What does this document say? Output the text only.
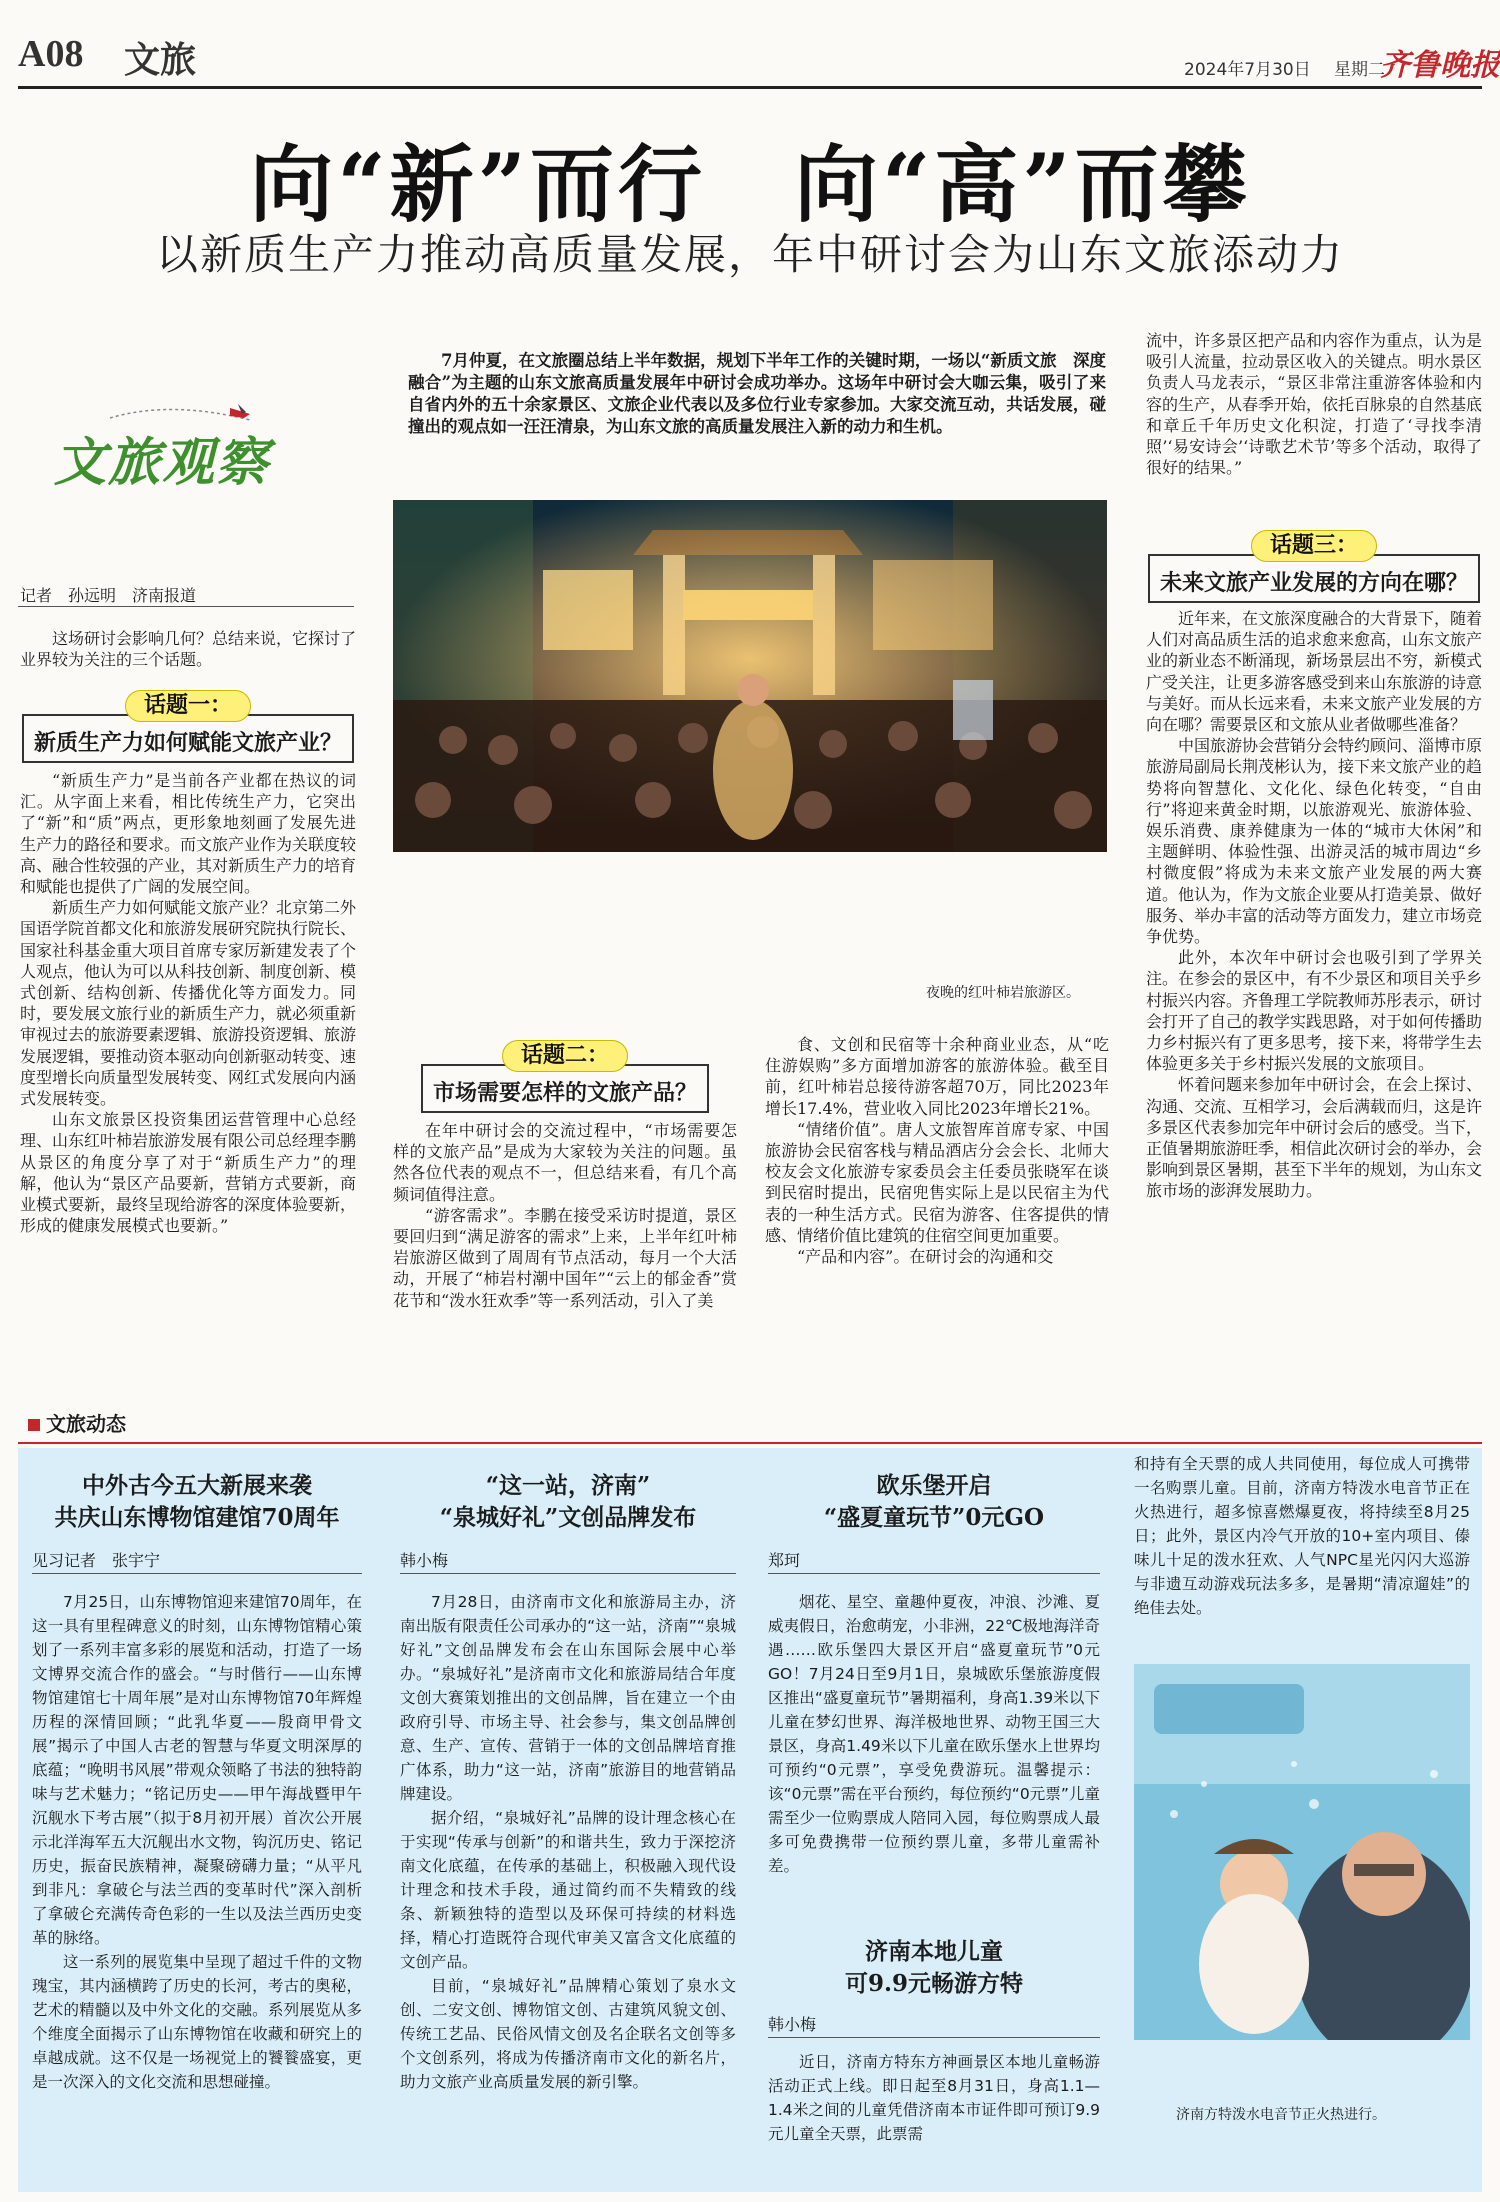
A08 文旅	2024年7月30日 星期二
齐鲁晚报
向“新”而行　向“高”而攀
以新质生产力推动高质量发展，年中研讨会为山东文旅添动力
文旅观察
7月仲夏，在文旅圈总结上半年数据，规划下半年工作的关键时期，一场以“新质文旅　深度融合”为主题的山东文旅高质量发展年中研讨会成功举办。这场年中研讨会大咖云集，吸引了来自省内外的五十余家景区、文旅企业代表以及多位行业专家参加。大家交流互动，共话发展，碰撞出的观点如一汪汪清泉，为山东文旅的高质量发展注入新的动力和生机。
记者　孙远明　济南报道
这场研讨会影响几何？总结来说，它探讨了业界较为关注的三个话题。
话题一：
新质生产力如何赋能文旅产业？

“新质生产力”是当前各产业都在热议的词汇。从字面上来看，相比传统生产力，它突出了“新”和“质”两点，更形象地刻画了发展先进生产力的路径和要求。而文旅产业作为关联度较高、融合性较强的产业，其对新质生产力的培育和赋能也提供了广阔的发展空间。

新质生产力如何赋能文旅产业？北京第二外国语学院首都文化和旅游发展研究院执行院长、国家社科基金重大项目首席专家厉新建发表了个人观点，他认为可以从科技创新、制度创新、模式创新、结构创新、传播优化等方面发力。同时，要发展文旅行业的新质生产力，就必须重新审视过去的旅游要素逻辑、旅游投资逻辑、旅游发展逻辑，要推动资本驱动向创新驱动转变、速度型增长向质量型发展转变、网红式发展向内涵式发展转变。

山东文旅景区投资集团运营管理中心总经理、山东红叶柿岩旅游发展有限公司总经理李鹏从景区的角度分享了对于“新质生产力”的理解，他认为“景区产品要新，营销方式要新，商业模式要新，最终呈现给游客的深度体验要新，形成的健康发展模式也要新。”

夜晚的红叶柿岩旅游区。
话题二：
市场需要怎样的文旅产品？

在年中研讨会的交流过程中，“市场需要怎样的文旅产品”是成为大家较为关注的问题。虽然各位代表的观点不一，但总结来看，有几个高频词值得注意。

“游客需求”。李鹏在接受采访时提道，景区要回归到“满足游客的需求”上来，上半年红叶柿岩旅游区做到了周周有节点活动，每月一个大活动，开展了“柿岩村潮中国年”“云上的郁金香”赏花节和“泼水狂欢季”等一系列活动，引入了美

食、文创和民宿等十余种商业业态，从“吃住游娱购”多方面增加游客的旅游体验。截至目前，红叶柿岩总接待游客超70万，同比2023年增长17.4%，营业收入同比2023年增长21%。

“情绪价值”。唐人文旅智库首席专家、中国旅游协会民宿客栈与精品酒店分会会长、北师大校友会文化旅游专家委员会主任委员张晓军在谈到民宿时提出，民宿兜售实际上是以民宿主为代表的一种生活方式。民宿为游客、住客提供的情感、情绪价值比建筑的住宿空间更加重要。

“产品和内容”。在研讨会的沟通和交

流中，许多景区把产品和内容作为重点，认为是吸引人流量，拉动景区收入的关键点。明水景区负责人马龙表示，“景区非常注重游客体验和内容的生产，从春季开始，依托百脉泉的自然基底和章丘千年历史文化积淀，打造了‘寻找李清照’‘易安诗会’‘诗歌艺术节’等多个活动，取得了很好的结果。”

话题三：
未来文旅产业发展的方向在哪？

近年来，在文旅深度融合的大背景下，随着人们对高品质生活的追求愈来愈高，山东文旅产业的新业态不断涌现，新场景层出不穷，新模式广受关注，让更多游客感受到来山东旅游的诗意与美好。而从长远来看，未来文旅产业发展的方向在哪？需要景区和文旅从业者做哪些准备？

中国旅游协会营销分会特约顾问、淄博市原旅游局副局长荆茂彬认为，接下来文旅产业的趋势将向智慧化、文化化、绿色化转变，“自由行”将迎来黄金时期，以旅游观光、旅游体验、娱乐消费、康养健康为一体的“城市大休闲”和主题鲜明、体验性强、出游灵活的城市周边“乡村微度假”将成为未来文旅产业发展的两大赛道。他认为，作为文旅企业要从打造美景、做好服务、举办丰富的活动等方面发力，建立市场竞争优势。

此外，本次年中研讨会也吸引到了学界关注。在参会的景区中，有不少景区和项目关乎乡村振兴内容。齐鲁理工学院教师苏彤表示，研讨会打开了自己的教学实践思路，对于如何传播助力乡村振兴有了更多思考，接下来，将带学生去体验更多关于乡村振兴发展的文旅项目。

怀着问题来参加年中研讨会，在会上探讨、沟通、交流、互相学习，会后满载而归，这是许多景区代表参加完年中研讨会后的感受。当下，正值暑期旅游旺季，相信此次研讨会的举办，会影响到景区暑期，甚至下半年的规划，为山东文旅市场的澎湃发展助力。

文旅动态
中外古今五大新展来袭
共庆山东博物馆建馆70周年
见习记者　张宇宁

7月25日，山东博物馆迎来建馆70周年，在这一具有里程碑意义的时刻，山东博物馆精心策划了一系列丰富多彩的展览和活动，打造了一场文博界交流合作的盛会。“与时偕行——山东博物馆建馆七十周年展”是对山东博物馆70年辉煌历程的深情回顾；“此乳华夏——殷商甲骨文展”揭示了中国人古老的智慧与华夏文明深厚的底蕴；“晚明书风展”带观众领略了书法的独特韵味与艺术魅力；“铭记历史——甲午海战暨甲午沉舰水下考古展”（拟于8月初开展）首次公开展示北洋海军五大沉舰出水文物，钩沉历史、铭记历史，振奋民族精神，凝聚磅礴力量；“从平凡到非凡：拿破仑与法兰西的变革时代”深入剖析了拿破仑充满传奇色彩的一生以及法兰西历史变革的脉络。

这一系列的展览集中呈现了超过千件的文物瑰宝，其内涵横跨了历史的长河，考古的奥秘，艺术的精髓以及中外文化的交融。系列展览从多个维度全面揭示了山东博物馆在收藏和研究上的卓越成就。这不仅是一场视觉上的饕餮盛宴，更是一次深入的文化交流和思想碰撞。

“这一站，济南”
“泉城好礼”文创品牌发布
韩小梅

7月28日，由济南市文化和旅游局主办，济南出版有限责任公司承办的“这一站，济南”“泉城好礼”文创品牌发布会在山东国际会展中心举办。“泉城好礼”是济南市文化和旅游局结合年度文创大赛策划推出的文创品牌，旨在建立一个由政府引导、市场主导、社会参与，集文创品牌创意、生产、宣传、营销于一体的文创品牌培育推广体系，助力“这一站，济南”旅游目的地营销品牌建设。

据介绍，“泉城好礼”品牌的设计理念核心在于实现“传承与创新”的和谐共生，致力于深挖济南文化底蕴，在传承的基础上，积极融入现代设计理念和技术手段，通过简约而不失精致的线条、新颖独特的造型以及环保可持续的材料选择，精心打造既符合现代审美又富含文化底蕴的文创产品。

目前，“泉城好礼”品牌精心策划了泉水文创、二安文创、博物馆文创、古建筑风貌文创、传统工艺品、民俗风情文创及名企联名文创等多个文创系列，将成为传播济南市文化的新名片，助力文旅产业高质量发展的新引擎。

欧乐堡开启
“盛夏童玩节”0元GO
郑珂

烟花、星空、童趣仲夏夜，冲浪、沙滩、夏威夷假日，治愈萌宠，小非洲，22℃极地海洋奇遇……欧乐堡四大景区开启“盛夏童玩节”0元GO！7月24日至9月1日，泉城欧乐堡旅游度假区推出“盛夏童玩节”暑期福利，身高1.39米以下儿童在梦幻世界、海洋极地世界、动物王国三大景区，身高1.49米以下儿童在欧乐堡水上世界均可预约“0元票”，享受免费游玩。温馨提示：该“0元票”需在平台预约，每位预约“0元票”儿童需至少一位购票成人陪同入园，每位购票成人最多可免费携带一位预约票儿童，多带儿童需补差。

济南本地儿童
可9.9元畅游方特
韩小梅

近日，济南方特东方神画景区本地儿童畅游活动正式上线。即日起至8月31日，身高1.1—1.4米之间的儿童凭借济南本市证件即可预订9.9元儿童全天票，此票需

和持有全天票的成人共同使用，每位成人可携带一名购票儿童。目前，济南方特泼水电音节正在火热进行，超多惊喜燃爆夏夜，将持续至8月25日；此外，景区内冷气开放的10+室内项目、傣味儿十足的泼水狂欢、人气NPC星光闪闪大巡游与非遗互动游戏玩法多多，是暑期“清凉遛娃”的绝佳去处。
济南方特泼水电音节正火热进行。
